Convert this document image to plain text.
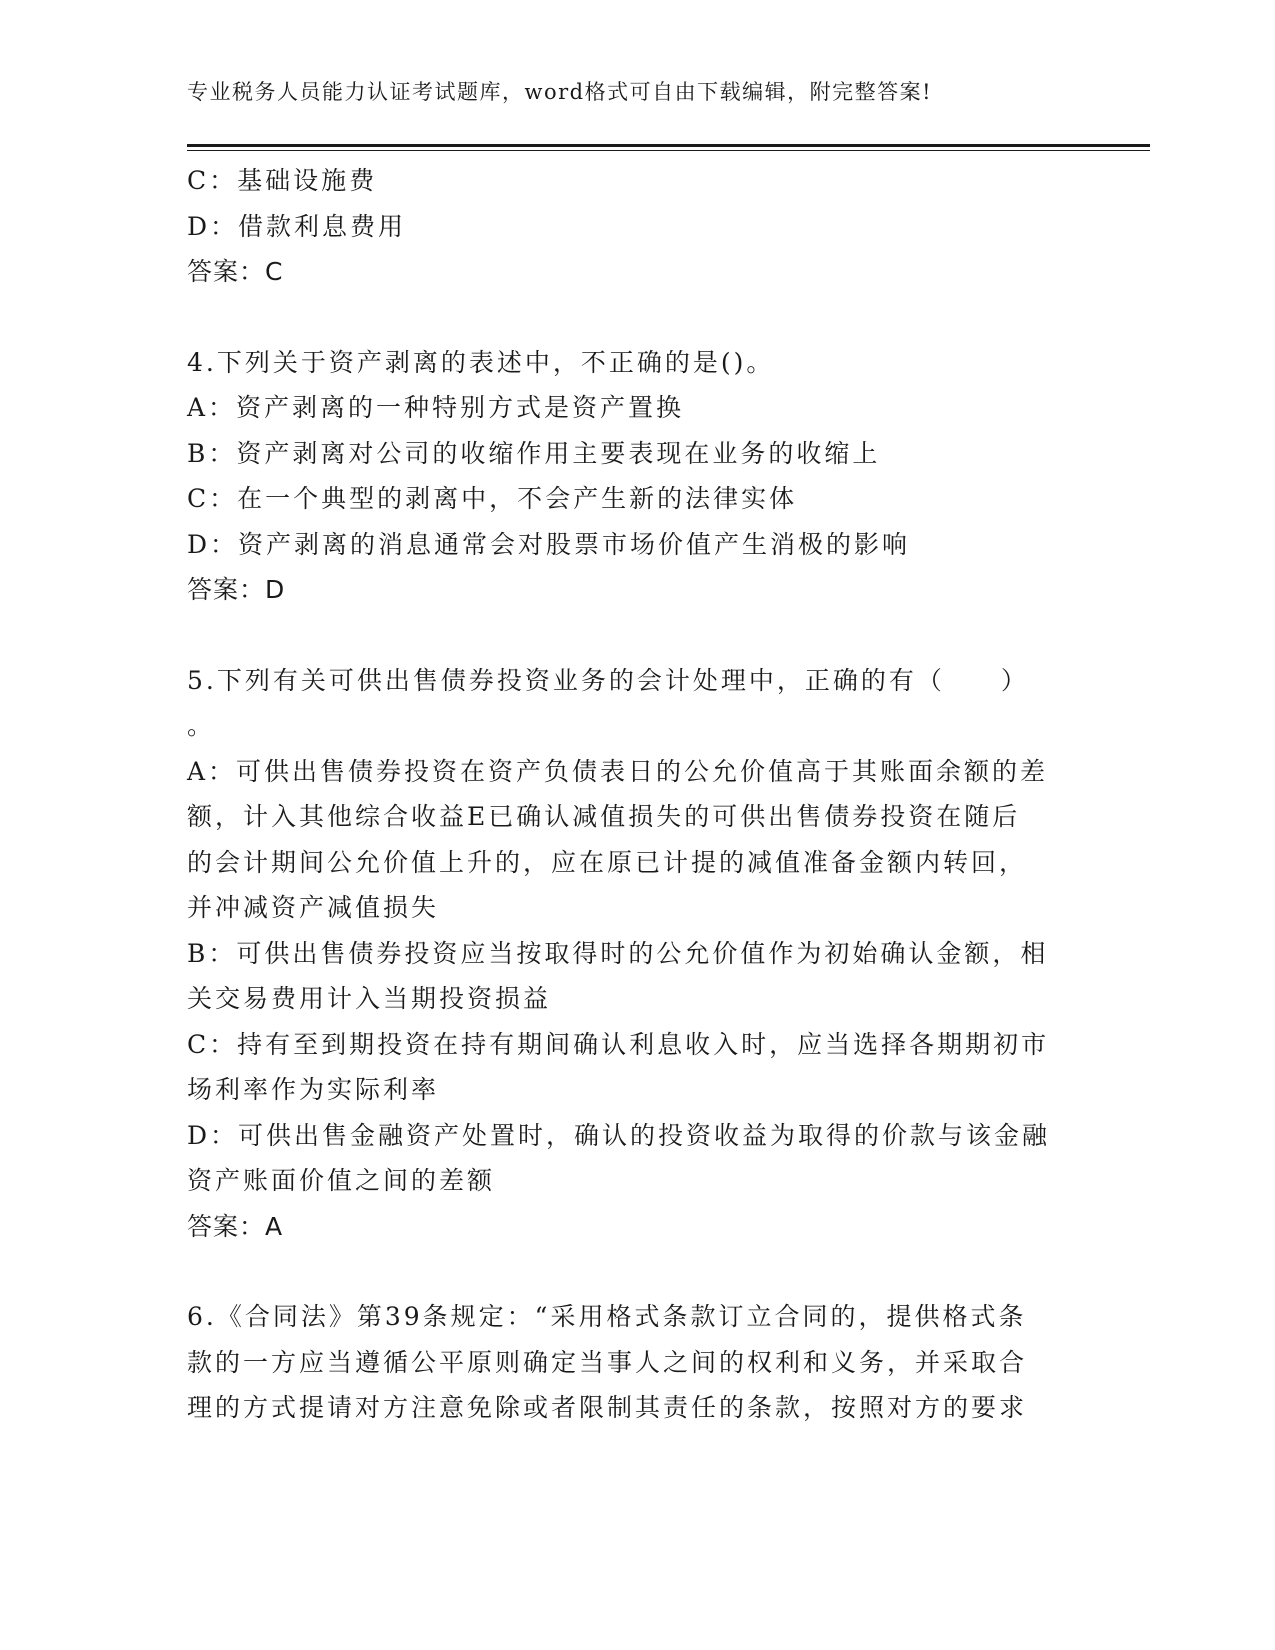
专业税务人员能力认证考试题库，word格式可自由下载编辑，附完整答案!
C：基础设施费
D：借款利息费用
答案：C
4.下列关于资产剥离的表述中，不正确的是()。
A：资产剥离的一种特别方式是资产置换
B：资产剥离对公司的收缩作用主要表现在业务的收缩上
C：在一个典型的剥离中，不会产生新的法律实体
D：资产剥离的消息通常会对股票市场价值产生消极的影响
答案：D
5.下列有关可供出售债券投资业务的会计处理中，正确的有（　　）
。
A：可供出售债券投资在资产负债表日的公允价值高于其账面余额的差
额，计入其他综合收益E已确认减值损失的可供出售债券投资在随后
的会计期间公允价值上升的，应在原已计提的减值准备金额内转回，
并冲减资产减值损失
B：可供出售债券投资应当按取得时的公允价值作为初始确认金额，相
关交易费用计入当期投资损益
C：持有至到期投资在持有期间确认利息收入时，应当选择各期期初市
场利率作为实际利率
D：可供出售金融资产处置时，确认的投资收益为取得的价款与该金融
资产账面价值之间的差额
答案：A
6.《合同法》第39条规定：“采用格式条款订立合同的，提供格式条
款的一方应当遵循公平原则确定当事人之间的权利和义务，并采取合
理的方式提请对方注意免除或者限制其责任的条款，按照对方的要求
